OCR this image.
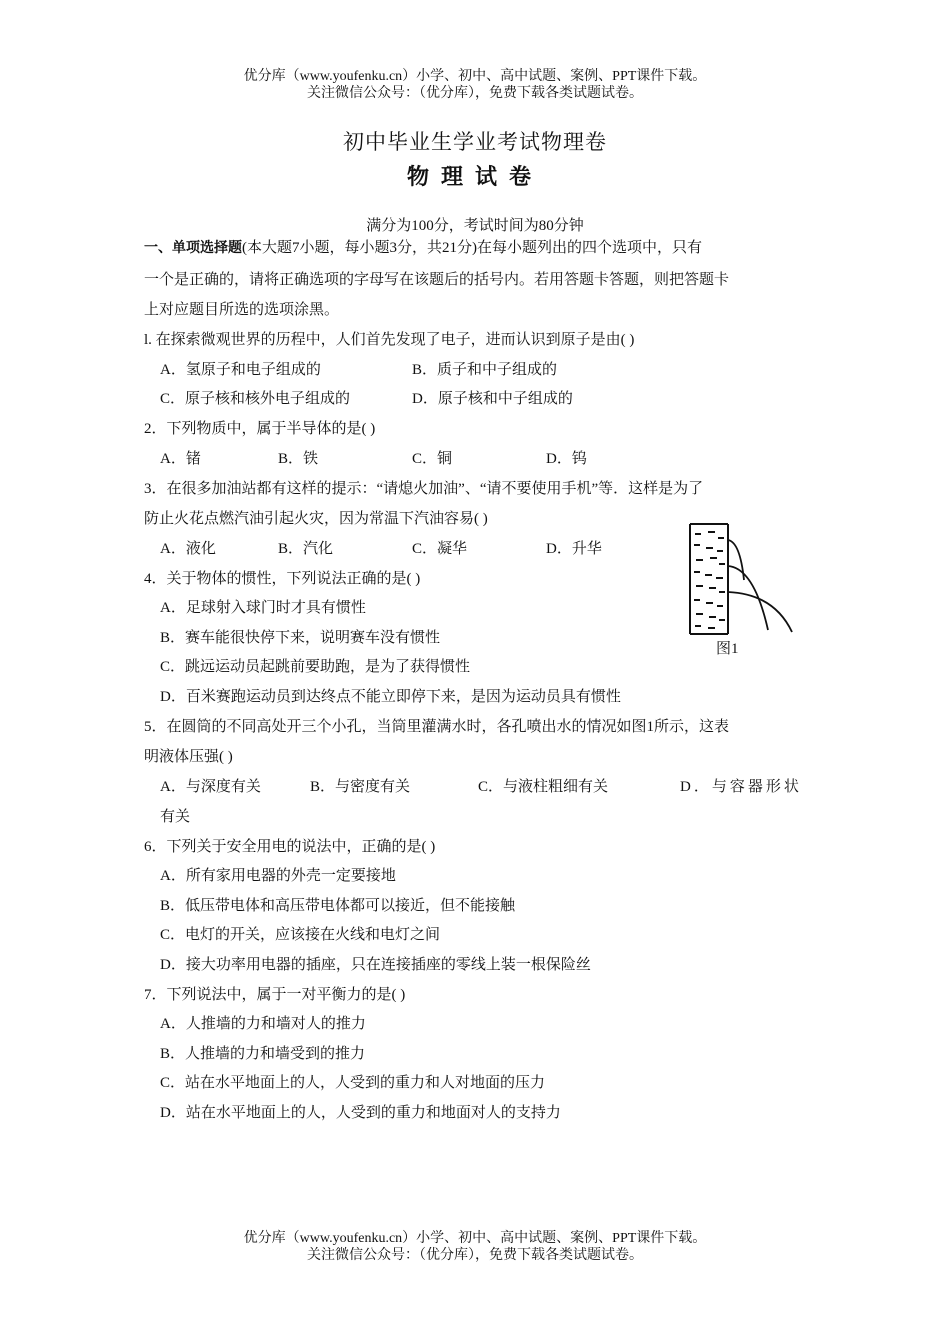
优分库（www.youfenku.cn）小学、初中、高中试题、案例、PPT课件下载。
关注微信公众号：（优分库），免费下载各类试题试卷。
初中毕业生学业考试物理卷
物理试卷
满分为100分，考试时间为80分钟
一、单项选择题(本大题7小题，每小题3分，共21分)在每小题列出的四个选项中，只有
一个是正确的，请将正确选项的字母写在该题后的括号内。若用答题卡答题，则把答题卡
上对应题目所选的选项涂黑。
l. 在探索微观世界的历程中，人们首先发现了电子，进而认识到原子是由( )
A．氢原子和电子组成的	B．质子和中子组成的
C．原子核和核外电子组成的	D．原子核和中子组成的
2．下列物质中，属于半导体的是( )
A．锗	B．铁	C．铜	D．钨
3．在很多加油站都有这样的提示：“请熄火加油”、“请不要使用手机”等．这样是为了
防止火花点燃汽油引起火灾，因为常温下汽油容易( )
A．液化	B．汽化	C．凝华	D．升华
图1
4．关于物体的惯性，下列说法正确的是( )
A．足球射入球门时才具有惯性
B．赛车能很快停下来，说明赛车没有惯性
C．跳远运动员起跳前要助跑，是为了获得惯性
D．百米赛跑运动员到达终点不能立即停下来，是因为运动员具有惯性
5．在圆筒的不同高处开三个小孔，当筒里灌满水时，各孔喷出水的情况如图1所示，这表
明液体压强( )
A．与深度有关	B．与密度有关	C．与液柱粗细有关	D．与容器形状
有关
6．下列关于安全用电的说法中，正确的是( )
A．所有家用电器的外壳一定要接地
B．低压带电体和高压带电体都可以接近，但不能接触
C．电灯的开关，应该接在火线和电灯之间
D．接大功率用电器的插座，只在连接插座的零线上装一根保险丝
7．下列说法中，属于一对平衡力的是( )
A．人推墙的力和墙对人的推力
B．人推墙的力和墙受到的推力
C．站在水平地面上的人，人受到的重力和人对地面的压力
D．站在水平地面上的人，人受到的重力和地面对人的支持力
优分库（www.youfenku.cn）小学、初中、高中试题、案例、PPT课件下载。
关注微信公众号：（优分库），免费下载各类试题试卷。
